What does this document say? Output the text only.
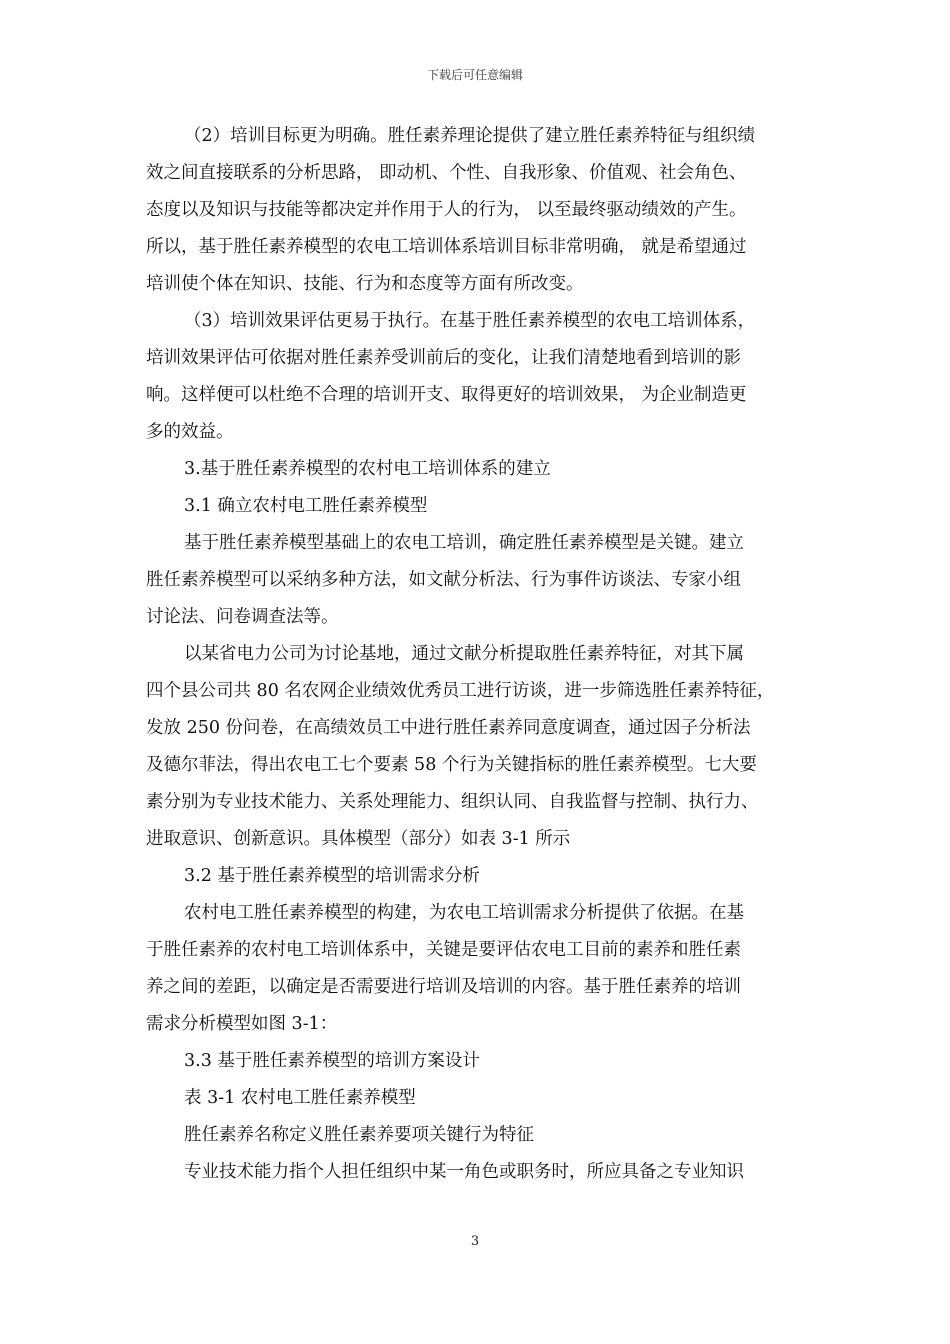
下载后可任意编辑
（2）培训目标更为明确。胜任素养理论提供了建立胜任素养特征与组织绩
效之间直接联系的分析思路， 即动机、个性、自我形象、价值观、社会角色、
态度以及知识与技能等都决定并作用于人的行为， 以至最终驱动绩效的产生。
所以，基于胜任素养模型的农电工培训体系培训目标非常明确， 就是希望通过
培训使个体在知识、技能、行为和态度等方面有所改变。
（3）培训效果评估更易于执行。在基于胜任素养模型的农电工培训体系，
培训效果评估可依据对胜任素养受训前后的变化，让我们清楚地看到培训的影
响。这样便可以杜绝不合理的培训开支、取得更好的培训效果， 为企业制造更
多的效益。
3.基于胜任素养模型的农村电工培训体系的建立
3.1 确立农村电工胜任素养模型
基于胜任素养模型基础上的农电工培训，确定胜任素养模型是关键。建立
胜任素养模型可以采纳多种方法，如文献分析法、行为事件访谈法、专家小组
讨论法、问卷调查法等。
以某省电力公司为讨论基地，通过文献分析提取胜任素养特征，对其下属
四个县公司共 80 名农网企业绩效优秀员工进行访谈，进一步筛选胜任素养特征，
发放 250 份问卷，在高绩效员工中进行胜任素养同意度调查，通过因子分析法
及德尔菲法，得出农电工七个要素 58 个行为关键指标的胜任素养模型。七大要
素分别为专业技术能力、关系处理能力、组织认同、自我监督与控制、执行力、
进取意识、创新意识。具体模型（部分）如表 3-1 所示
3.2 基于胜任素养模型的培训需求分析
农村电工胜任素养模型的构建，为农电工培训需求分析提供了依据。在基
于胜任素养的农村电工培训体系中，关键是要评估农电工目前的素养和胜任素
养之间的差距，以确定是否需要进行培训及培训的内容。基于胜任素养的培训
需求分析模型如图 3-1：
3.3 基于胜任素养模型的培训方案设计
表 3-1 农村电工胜任素养模型
胜任素养名称定义胜任素养要项关键行为特征
专业技术能力指个人担任组织中某一角色或职务时，所应具备之专业知识
3
